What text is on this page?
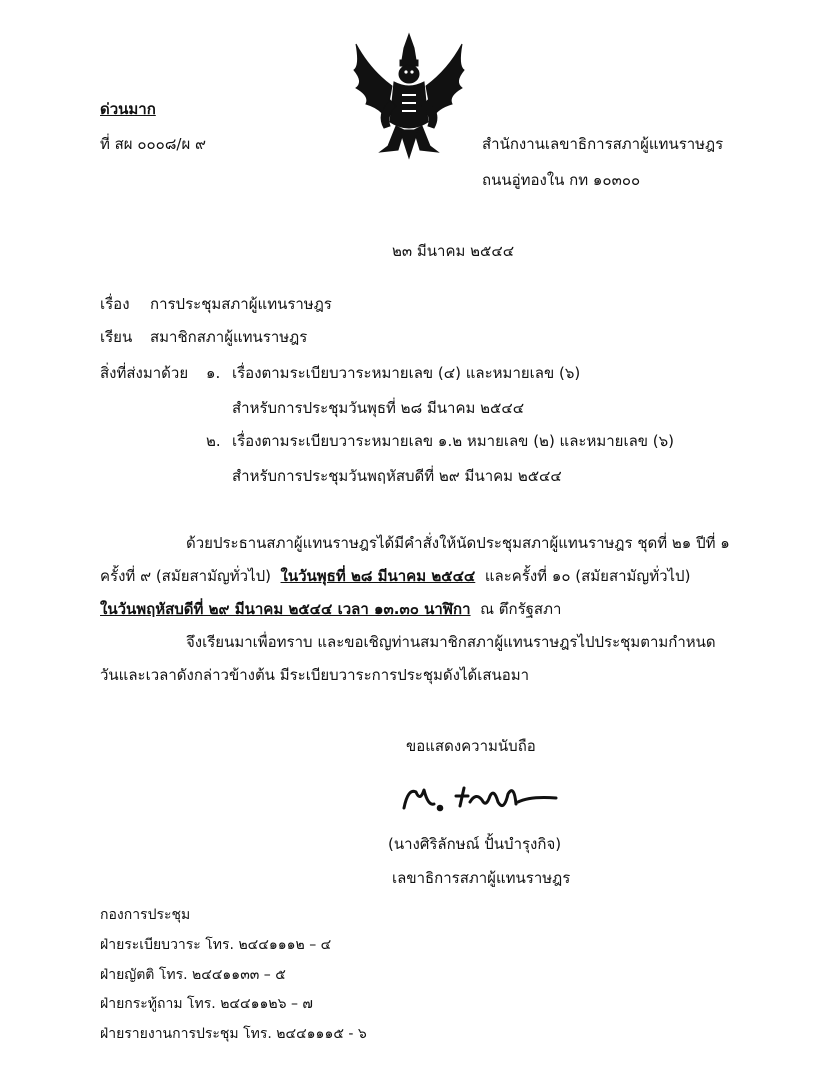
ด่วนมาก
ที่ สผ ๐๐๐๘/ผ ๙	สำนักงานเลขาธิการสภาผู้แทนราษฎร
ถนนอู่ทองใน กท ๑๐๓๐๐
๒๓ มีนาคม ๒๕๔๔
เรื่อง การประชุมสภาผู้แทนราษฎร
เรียน สมาชิกสภาผู้แทนราษฎร
สิ่งที่ส่งมาด้วย ๑. เรื่องตามระเบียบวาระหมายเลข (๔) และหมายเลข (๖)
สำหรับการประชุมวันพุธที่ ๒๘ มีนาคม ๒๕๔๔
๒. เรื่องตามระเบียบวาระหมายเลข ๑.๒ หมายเลข (๒) และหมายเลข (๖)
สำหรับการประชุมวันพฤหัสบดีที่ ๒๙ มีนาคม ๒๕๔๔
ด้วยประธานสภาผู้แทนราษฎรได้มีคำสั่งให้นัดประชุมสภาผู้แทนราษฎร ชุดที่ ๒๑ ปีที่ ๑
ครั้งที่ ๙ (สมัยสามัญทั่วไป) ในวันพุธที่ ๒๘ มีนาคม ๒๕๔๔ และครั้งที่ ๑๐ (สมัยสามัญทั่วไป)
ในวันพฤหัสบดีที่ ๒๙ มีนาคม ๒๕๔๔ เวลา ๑๓.๓๐ นาฬิกา ณ ตึกรัฐสภา
จึงเรียนมาเพื่อทราบ และขอเชิญท่านสมาชิกสภาผู้แทนราษฎรไปประชุมตามกำหนด
วันและเวลาดังกล่าวข้างต้น มีระเบียบวาระการประชุมดังได้เสนอมา
ขอแสดงความนับถือ
(นางศิริลักษณ์ ปั้นบำรุงกิจ)
เลขาธิการสภาผู้แทนราษฎร
กองการประชุม
ฝ่ายระเบียบวาระ โทร. ๒๔๔๑๑๑๒ – ๔
ฝ่ายญัตติ โทร. ๒๔๔๑๑๓๓ – ๕
ฝ่ายกระทู้ถาม โทร. ๒๔๔๑๑๒๖ – ๗
ฝ่ายรายงานการประชุม โทร. ๒๔๔๑๑๑๕ - ๖
